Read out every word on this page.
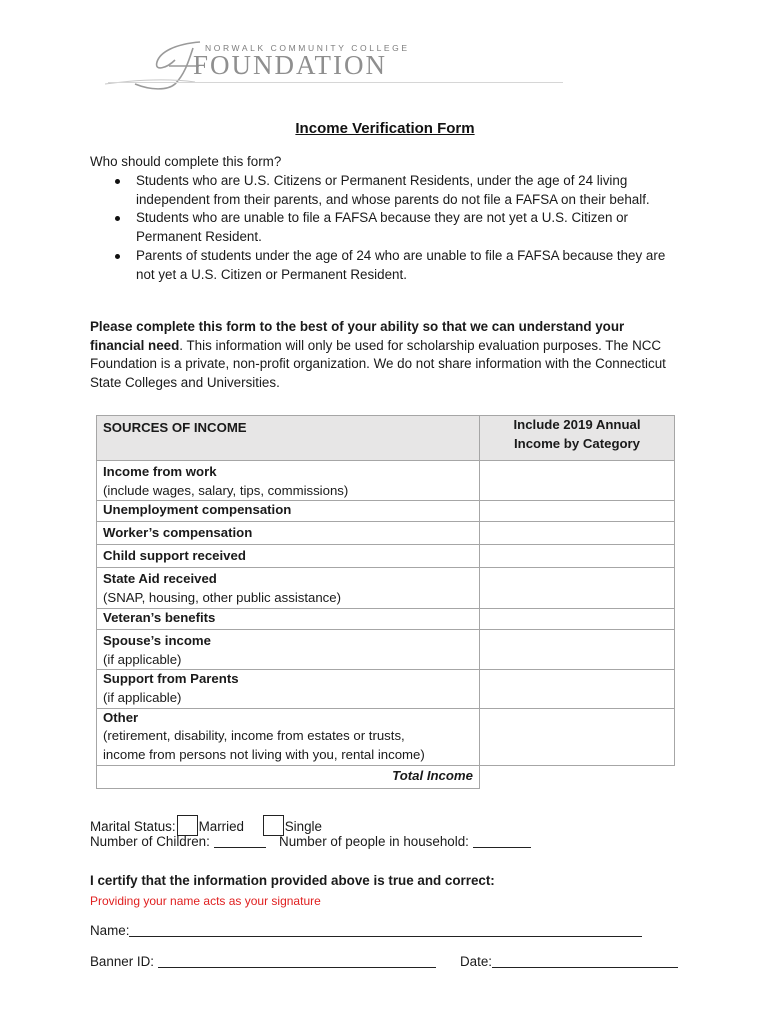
NORWALK COMMUNITY COLLEGE
FOUNDATION
Income Verification Form
Who should complete this form?
Students who are U.S. Citizens or Permanent Residents, under the age of 24 living independent from their parents, and whose parents do not file a FAFSA on their behalf.
Students who are unable to file a FAFSA because they are not yet a U.S. Citizen or Permanent Resident.
Parents of students under the age of 24 who are unable to file a FAFSA because they are not yet a U.S. Citizen or Permanent Resident.
Please complete this form to the best of your ability so that we can understand your financial need. This information will only be used for scholarship evaluation purposes. The NCC Foundation is a private, non-profit organization. We do not share information with the Connecticut State Colleges and Universities.
SOURCES OF INCOME	Include 2019 Annual
Income by Category

Income from work
(include wages, salary, tips, commissions)	

Unemployment compensation	

Worker’s compensation	

Child support received	

State Aid received
(SNAP, housing, other public assistance)	

Veteran’s benefits	

Spouse’s income
(if applicable)	

Support from Parents
(if applicable)	

Other
(retirement, disability, income from estates or trusts,
income from persons not living with you, rental income)	

Total Income	
Marital Status: Married	Single
Number of Children:	Number of people in household:
I certify that the information provided above is true and correct:
Providing your name acts as your signature
Name:
Banner ID:	Date:
